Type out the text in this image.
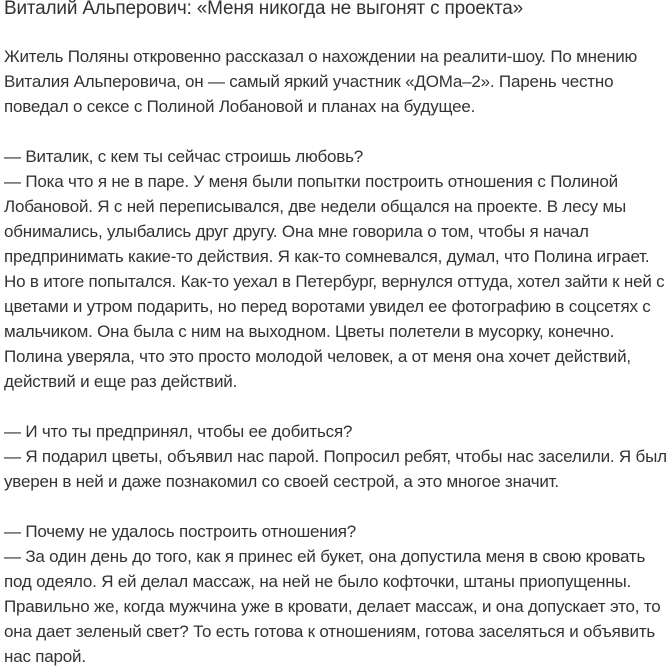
Виталий Альперович: «Меня никогда не выгонят с проекта»

Житель Поляны откровенно рассказал о нахождении на реалити-шоу. По мнению Виталия Альперовича, он — самый яркий участник «ДОМа–2». Парень честно поведал о сексе с Полиной Лобановой и планах на будущее.

— Виталик, с кем ты сейчас строишь любовь?

— Пока что я не в паре. У меня были попытки построить отношения с Полиной Лобановой. Я с ней переписывался, две недели общался на проекте. В лесу мы обнимались, улыбались друг другу. Она мне говорила о том, чтобы я начал предпринимать какие-то действия. Я как-то сомневался, думал, что Полина играет. Но в итоге попытался. Как-то уехал в Петербург, вернулся оттуда, хотел зайти к ней с цветами и утром подарить, но перед воротами увидел ее фотографию в соцсетях с мальчиком. Она была с ним на выходном. Цветы полетели в мусорку, конечно. Полина уверяла, что это просто молодой человек, а от меня она хочет действий, действий и еще раз действий.

— И что ты предпринял, чтобы ее добиться?

— Я подарил цветы, объявил нас парой. Попросил ребят, чтобы нас заселили. Я был уверен в ней и даже познакомил со своей сестрой, а это многое значит.

— Почему не удалось построить отношения?

— За один день до того, как я принес ей букет, она допустила меня в свою кровать под одеяло. Я ей делал массаж, на ней не было кофточки, штаны приопущенны. Правильно же, когда мужчина уже в кровати, делает массаж, и она допускает это, то она дает зеленый свет? То есть готова к отношениям, готова заселяться и объявить нас парой.
